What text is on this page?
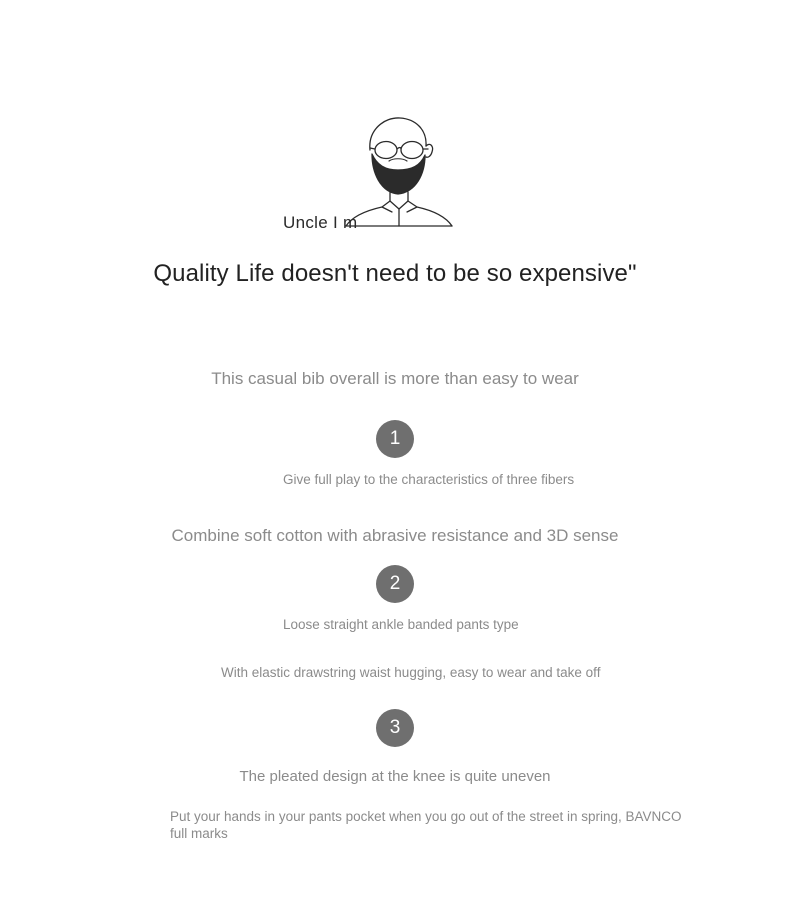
Uncle I m
Quality Life doesn't need to be so expensive"
This casual bib overall is more than easy to wear
1
Give full play to the characteristics of three fibers
Combine soft cotton with abrasive resistance and 3D sense
2
Loose straight ankle banded pants type
With elastic drawstring waist hugging, easy to wear and take off
3
The pleated design at the knee is quite uneven
Put your hands in your pants pocket when you go out of the street in spring, BAVNCO full marks
